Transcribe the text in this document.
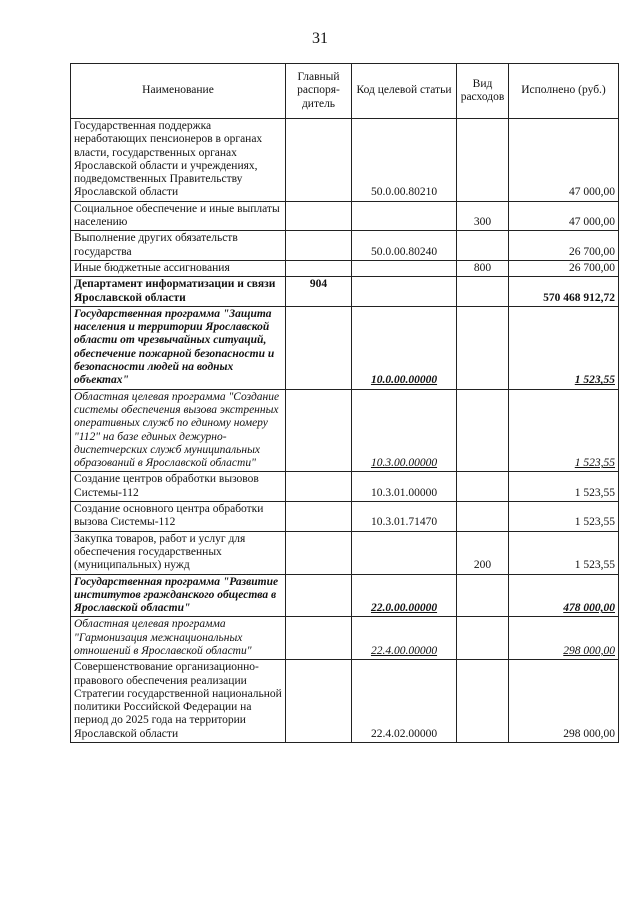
31
Наименование	Главный распоря-дитель	Код целевой статьи	Вид расходов	Исполнено (руб.)
Государственная поддержка неработающих пенсионеров в органах власти, государственных органах Ярославской области и учреждениях, подведомственных Правительству Ярославской области		50.0.00.80210		47 000,00
Социальное обеспечение и иные выплаты населению			300	47 000,00
Выполнение других обязательств государства		50.0.00.80240		26 700,00
Иные бюджетные ассигнования			800	26 700,00
Департамент информатизации и связи Ярославской области	904			570 468 912,72
Государственная программа "Защита населения и территории Ярославской области от чрезвычайных ситуаций, обеспечение пожарной безопасности и безопасности людей на водных объектах"		10.0.00.00000		1 523,55
Областная целевая программа "Создание системы обеспечения вызова экстренных оперативных служб по единому номеру "112" на базе единых дежурно-диспетчерских служб муниципальных образований в Ярославской области"		10.3.00.00000		1 523,55
Создание центров обработки вызовов Системы-112		10.3.01.00000		1 523,55
Создание основного центра обработки вызова Системы-112		10.3.01.71470		1 523,55
Закупка товаров, работ и услуг для обеспечения государственных (муниципальных) нужд			200	1 523,55
Государственная программа "Развитие институтов гражданского общества в Ярославской области"		22.0.00.00000		478 000,00
Областная целевая программа "Гармонизация межнациональных отношений в Ярославской области"		22.4.00.00000		298 000,00
Совершенствование организационно-правового обеспечения реализации Стратегии государственной национальной политики Российской Федерации на период до 2025 года на территории Ярославской области		22.4.02.00000		298 000,00
